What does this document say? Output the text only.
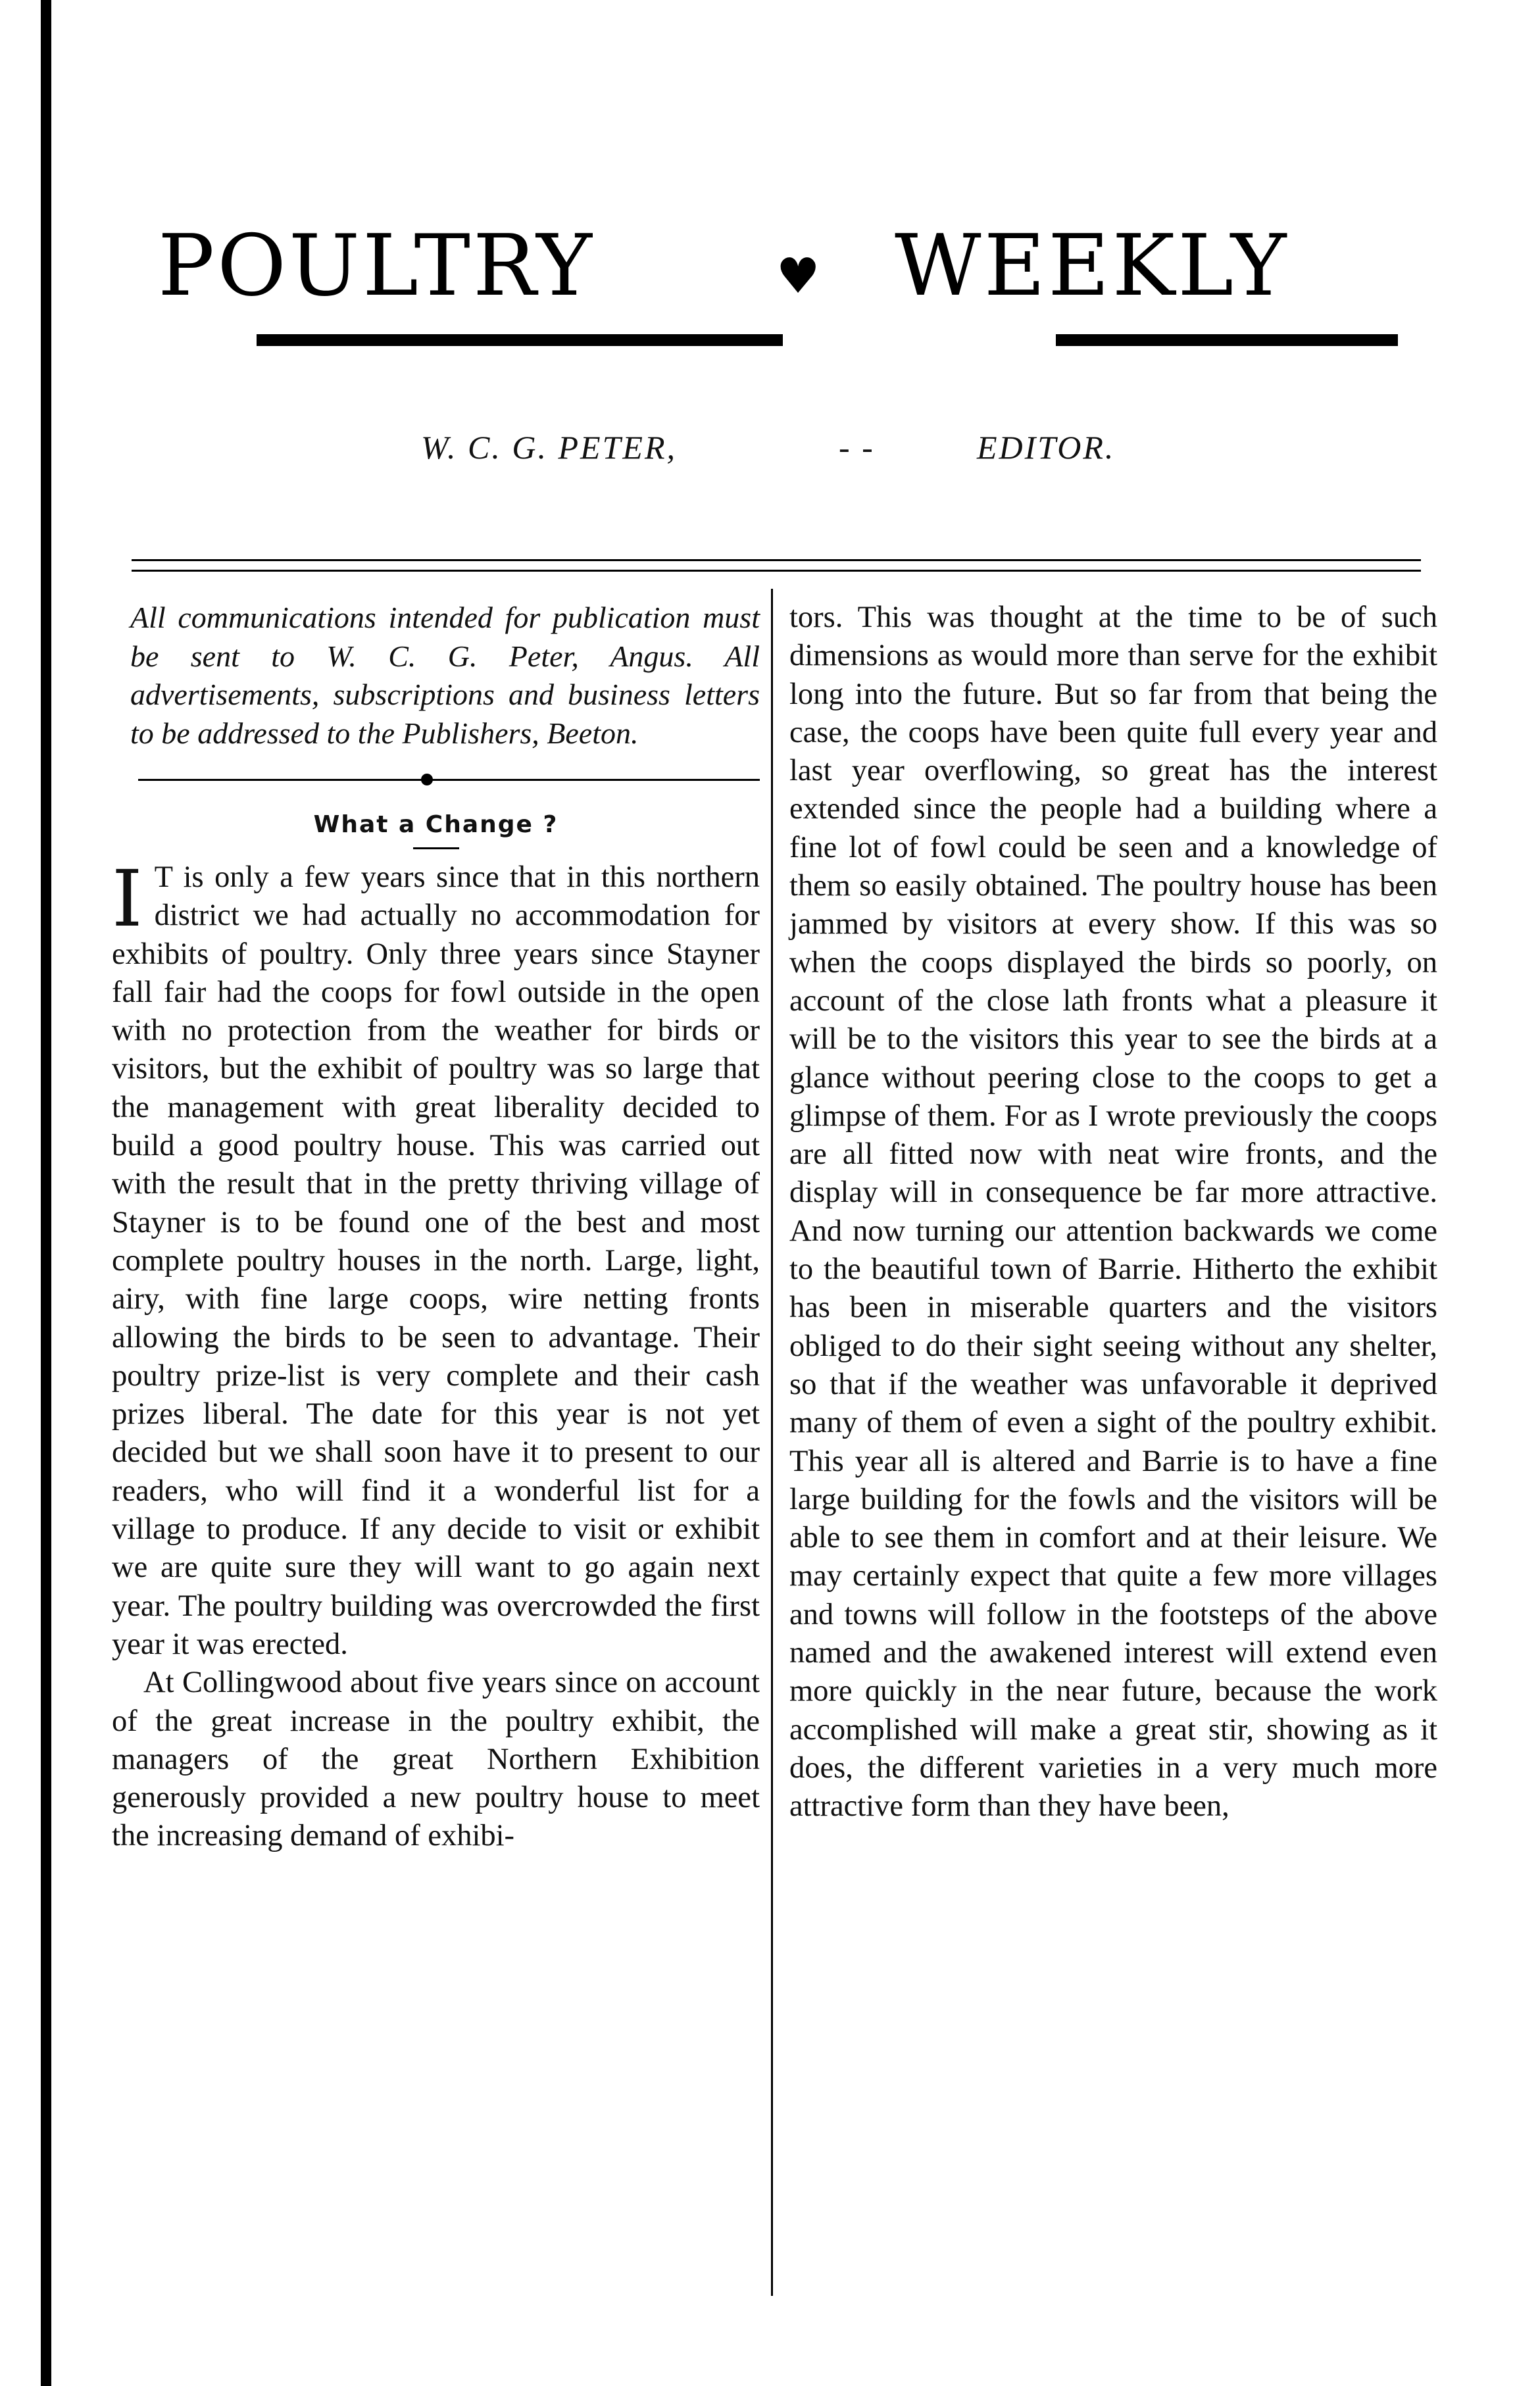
POULTRY	♥ WEEKLY
W. C. G. PETER,	- -	EDITOR.

All communications intended for publication must be sent to W. C. G. Peter, Angus. All advertisements, subscriptions and business letters to be addressed to the Publishers, Beeton.

What a Change ?

I T is only a few years since that in this northern district we had actually no accommodation for exhibits of poultry. Only three years since Stayner fall fair had the coops for fowl outside in the open with no protection from the weather for birds or visitors, but the exhibit of poultry was so large that the management with great liberality decided to build a good poultry house. This was carried out with the result that in the pretty thriving village of Stayner is to be found one of the best and most complete poultry houses in the north. Large, light, airy, with fine large coops, wire netting fronts allowing the birds to be seen to advantage. Their poultry prize-list is very complete and their cash prizes liberal. The date for this year is not yet decided but we shall soon have it to present to our readers, who will find it a wonderful list for a village to produce. If any decide to visit or exhibit we are quite sure they will want to go again next year. The poultry building was overcrowded the first year it was erected.

At Collingwood about five years since on account of the great increase in the poultry exhibit, the managers of the great Northern Exhibition generously provided a new poultry house to meet the increasing demand of exhibi-

tors. This was thought at the time to be of such dimensions as would more than serve for the exhibit long into the future. But so far from that being the case, the coops have been quite full every year and last year overflowing, so great has the interest extended since the people had a building where a fine lot of fowl could be seen and a knowledge of them so easily obtained. The poultry house has been jammed by visitors at every show. If this was so when the coops displayed the birds so poorly, on account of the close lath fronts what a pleasure it will be to the visitors this year to see the birds at a glance without peering close to the coops to get a glimpse of them. For as I wrote previously the coops are all fitted now with neat wire fronts, and the display will in consequence be far more attractive. And now turning our attention backwards we come to the beautiful town of Barrie. Hitherto the exhibit has been in miserable quarters and the visitors obliged to do their sight seeing without any shelter, so that if the weather was unfavorable it deprived many of them of even a sight of the poultry exhibit. This year all is altered and Barrie is to have a fine large building for the fowls and the visitors will be able to see them in comfort and at their leisure. We may certainly expect that quite a few more villages and towns will follow in the footsteps of the above named and the awakened interest will extend even more quickly in the near future, because the work accomplished will make a great stir, showing as it does, the different varieties in a very much more attractive form than they have been,
